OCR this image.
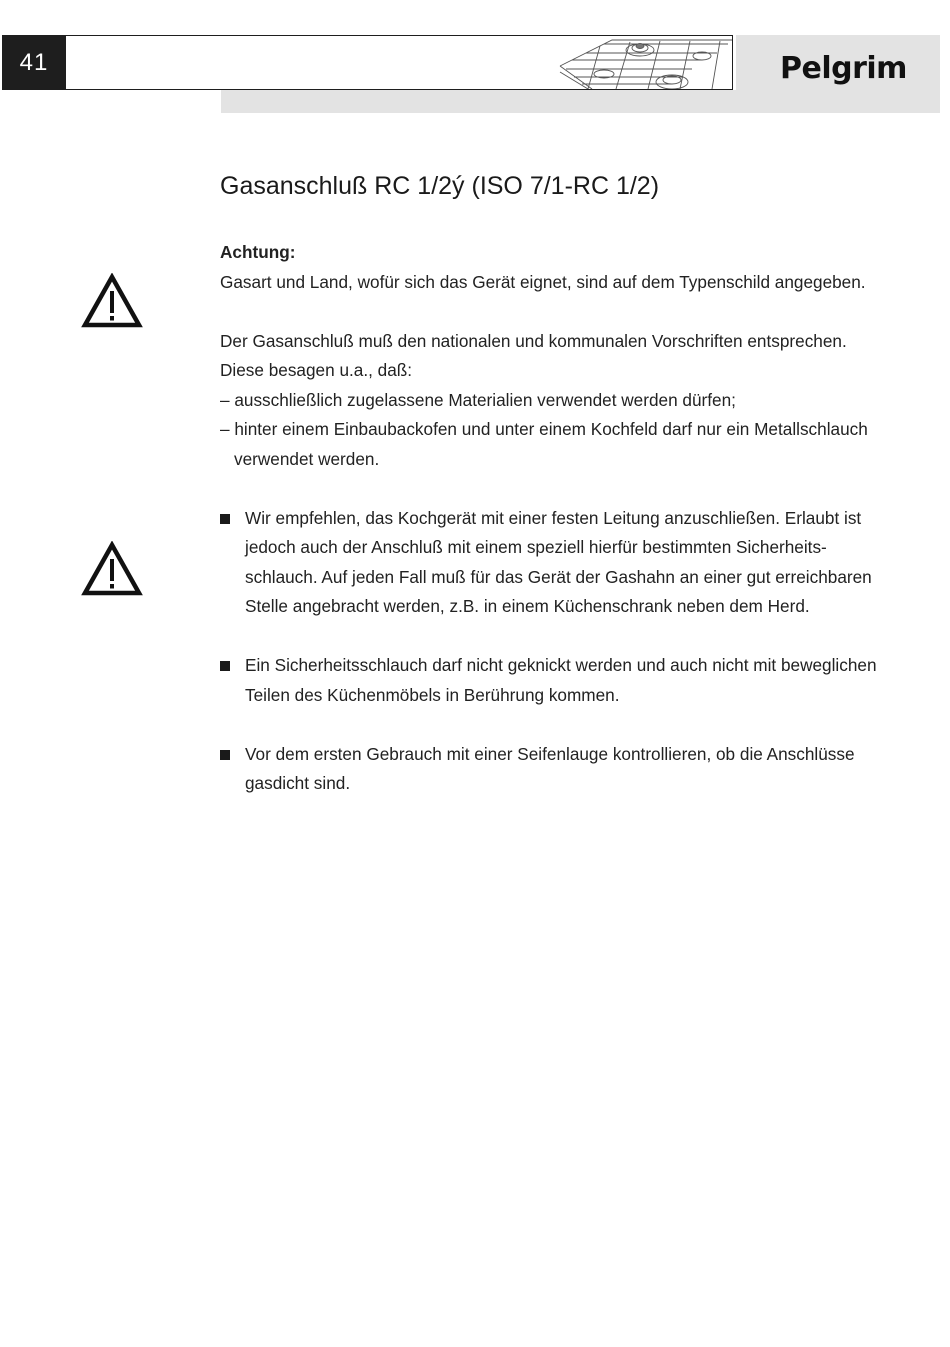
41	Pelgrim
Gasanschluß RC 1/2ý (ISO 7/1-RC 1/2)

Achtung:

Gasart und Land, wofür sich das Gerät eignet, sind auf dem Typenschild angegeben.

Der Gasanschluß muß den nationalen und kommunalen Vorschriften entsprechen. Diese besagen u.a., daß:

– ausschließlich zugelassene Materialien verwendet werden dürfen;

– hinter einem Einbaubackofen und unter einem Kochfeld darf nur ein Metallschlauch verwendet werden.

Wir empfehlen, das Kochgerät mit einer festen Leitung anzuschließen. Erlaubt ist jedoch auch der Anschluß mit einem speziell hierfür bestimmten Sicherheits-schlauch. Auf jeden Fall muß für das Gerät der Gashahn an einer gut erreichbaren Stelle angebracht werden, z.B. in einem Küchenschrank neben dem Herd.

Ein Sicherheitsschlauch darf nicht geknickt werden und auch nicht mit beweglichen Teilen des Küchenmöbels in Berührung kommen.

Vor dem ersten Gebrauch mit einer Seifenlauge kontrollieren, ob die Anschlüsse gasdicht sind.
